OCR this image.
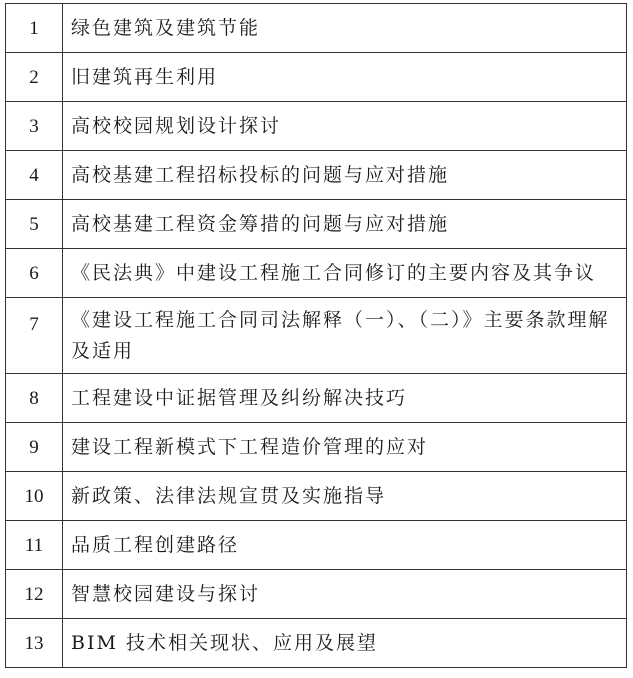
1	绿色建筑及建筑节能
2	旧建筑再生利用
3	高校校园规划设计探讨
4	高校基建工程招标投标的问题与应对措施
5	高校基建工程资金筹措的问题与应对措施
6	《民法典》中建设工程施工合同修订的主要内容及其争议
7	《建设工程施工合同司法解释（一）、（二）》主要条款理解及适用
8	工程建设中证据管理及纠纷解决技巧
9	建设工程新模式下工程造价管理的应对
10	新政策、法律法规宣贯及实施指导
11	品质工程创建路径
12	智慧校园建设与探讨
13	BIM 技术相关现状、应用及展望
